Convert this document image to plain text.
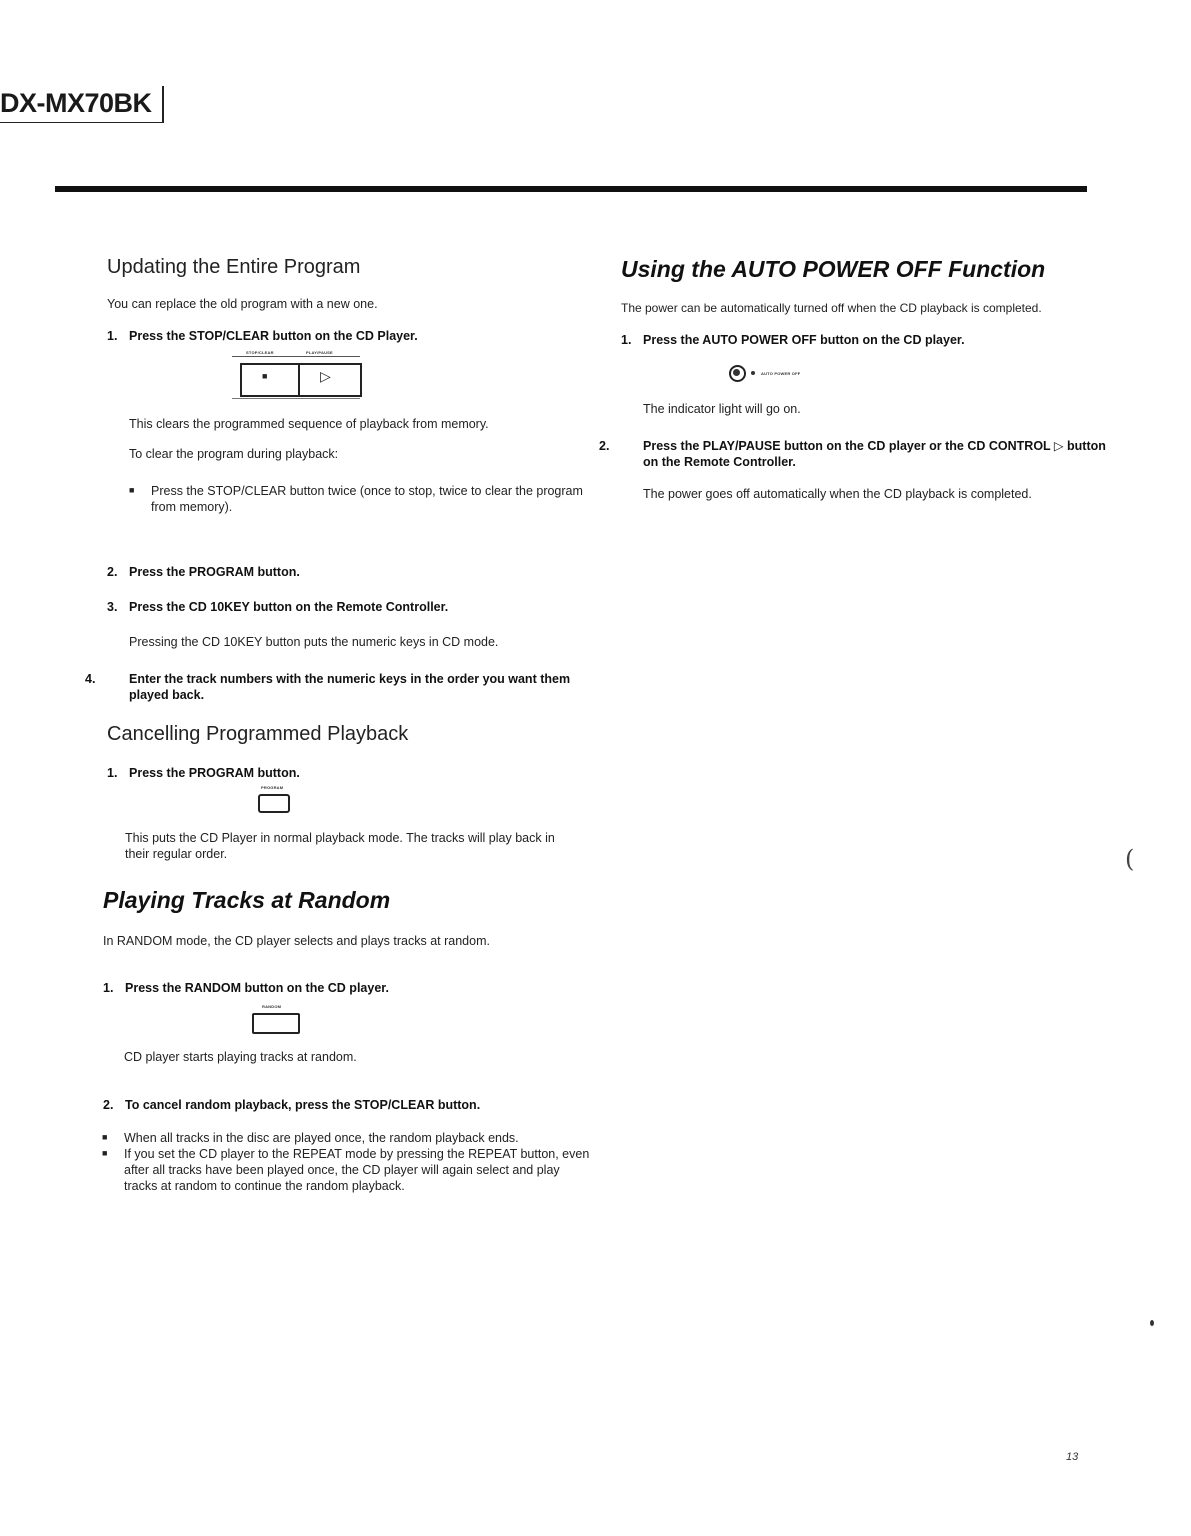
DX-MX70BK
Updating the Entire Program
You can replace the old program with a new one.
1. Press the STOP/CLEAR button on the CD Player.
STOP/CLEAR	PLAY/PAUSE
■	▷
This clears the programmed sequence of playback from memory.
To clear the program during playback:
■ Press the STOP/CLEAR button twice (once to stop, twice to clear the program from memory).
2. Press the PROGRAM button.
3. Press the CD 10KEY button on the Remote Controller.
Pressing the CD 10KEY button puts the numeric keys in CD mode.
4.	Enter the track numbers with the numeric keys in the order you want them played back.
Cancelling Programmed Playback
1. Press the PROGRAM button.
PROGRAM
This puts the CD Player in normal playback mode. The tracks will play back in their regular order.
Playing Tracks at Random
In RANDOM mode, the CD player selects and plays tracks at random.
1. Press the RANDOM button on the CD player.
RANDOM
CD player starts playing tracks at random.
2. To cancel random playback, press the STOP/CLEAR button.
■ When all tracks in the disc are played once, the random playback ends.
■ If you set the CD player to the REPEAT mode by pressing the REPEAT button, even after all tracks have been played once, the CD player will again select and play tracks at random to continue the random playback.
Using the AUTO POWER OFF Function
The power can be automatically turned off when the CD playback is completed.
1. Press the AUTO POWER OFF button on the CD player.
AUTO POWER OFF
The indicator light will go on.
2.	Press the PLAY/PAUSE button on the CD player or the CD CONTROL ▷ button on the Remote Controller.
The power goes off automatically when the CD playback is completed.
(
13
